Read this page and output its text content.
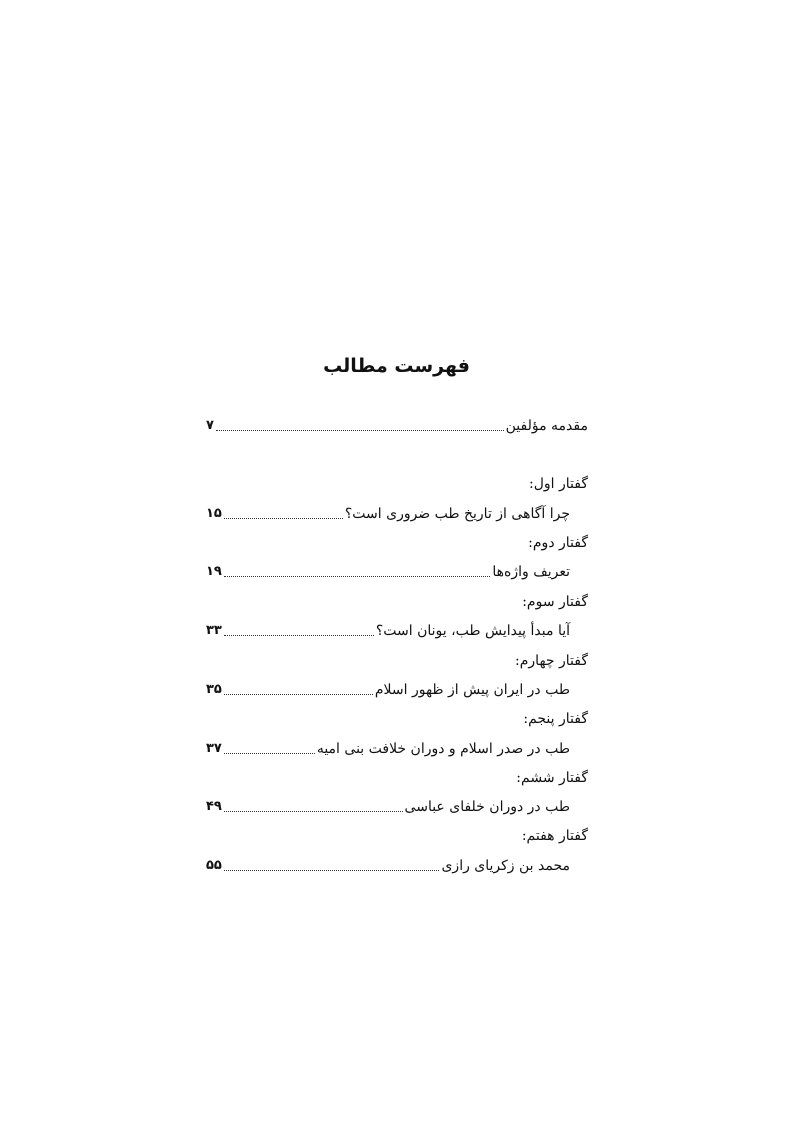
فهرست مطالب
مقدمه مؤلفین
۷
گفتار اول:
چرا آگاهی از تاریخ طب ضروری است؟
۱۵
گفتار دوم:
تعریف واژه‌ها
۱۹
گفتار سوم:
آیا مبدأ پیدایش طب، یونان است؟
۳۳
گفتار چهارم:
طب در ایران پیش از ظهور اسلام
۳۵
گفتار پنجم:
طب در صدر اسلام و دوران خلافت بنی امیه
۳۷
گفتار ششم:
طب در دوران خلفای عباسی
۴۹
گفتار هفتم:
محمد بن زکریای رازی
۵۵
